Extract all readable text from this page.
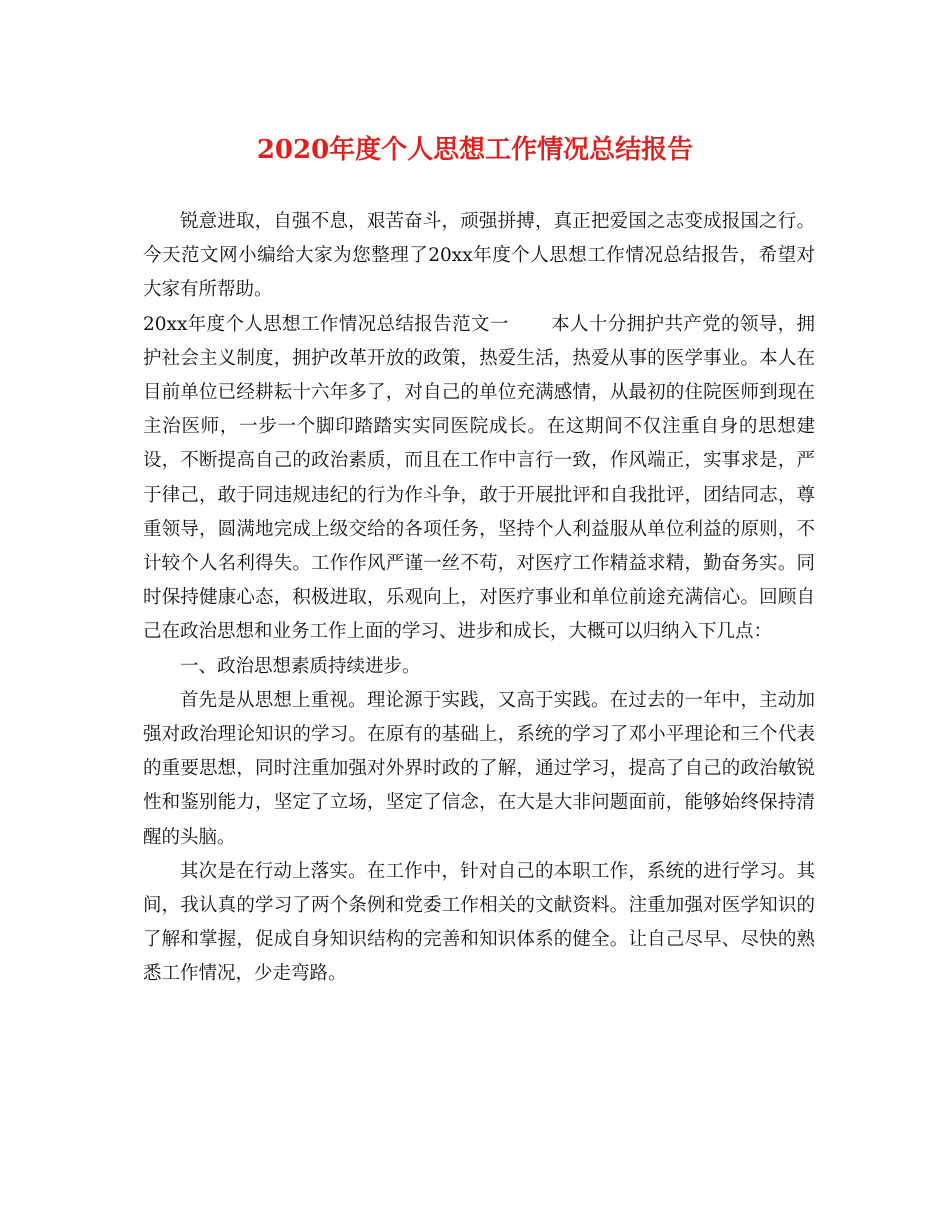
2020年度个人思想工作情况总结报告

锐意进取，自强不息，艰苦奋斗，顽强拼搏，真正把爱国之志变成报国之行。今天范文网小编给大家为您整理了20xx年度个人思想工作情况总结报告，希望对大家有所帮助。

20xx年度个人思想工作情况总结报告范文一 本人十分拥护共产党的领导，拥护社会主义制度，拥护改革开放的政策，热爱生活，热爱从事的医学事业。本人在目前单位已经耕耘十六年多了，对自己的单位充满感情，从最初的住院医师到现在主治医师，一步一个脚印踏踏实实同医院成长。在这期间不仅注重自身的思想建设，不断提高自己的政治素质，而且在工作中言行一致，作风端正，实事求是，严于律己，敢于同违规违纪的行为作斗争，敢于开展批评和自我批评，团结同志，尊重领导，圆满地完成上级交给的各项任务，坚持个人利益服从单位利益的原则，不计较个人名利得失。工作作风严谨一丝不苟，对医疗工作精益求精，勤奋务实。同时保持健康心态，积极进取，乐观向上，对医疗事业和单位前途充满信心。回顾自己在政治思想和业务工作上面的学习、进步和成长，大概可以归纳入下几点：

一、政治思想素质持续进步。

首先是从思想上重视。理论源于实践，又高于实践。在过去的一年中，主动加强对政治理论知识的学习。在原有的基础上，系统的学习了邓小平理论和三个代表的重要思想，同时注重加强对外界时政的了解，通过学习，提高了自己的政治敏锐性和鉴别能力，坚定了立场，坚定了信念，在大是大非问题面前，能够始终保持清醒的头脑。

其次是在行动上落实。在工作中，针对自己的本职工作，系统的进行学习。其间，我认真的学习了两个条例和党委工作相关的文献资料。注重加强对医学知识的了解和掌握，促成自身知识结构的完善和知识体系的健全。让自己尽早、尽快的熟悉工作情况，少走弯路。
